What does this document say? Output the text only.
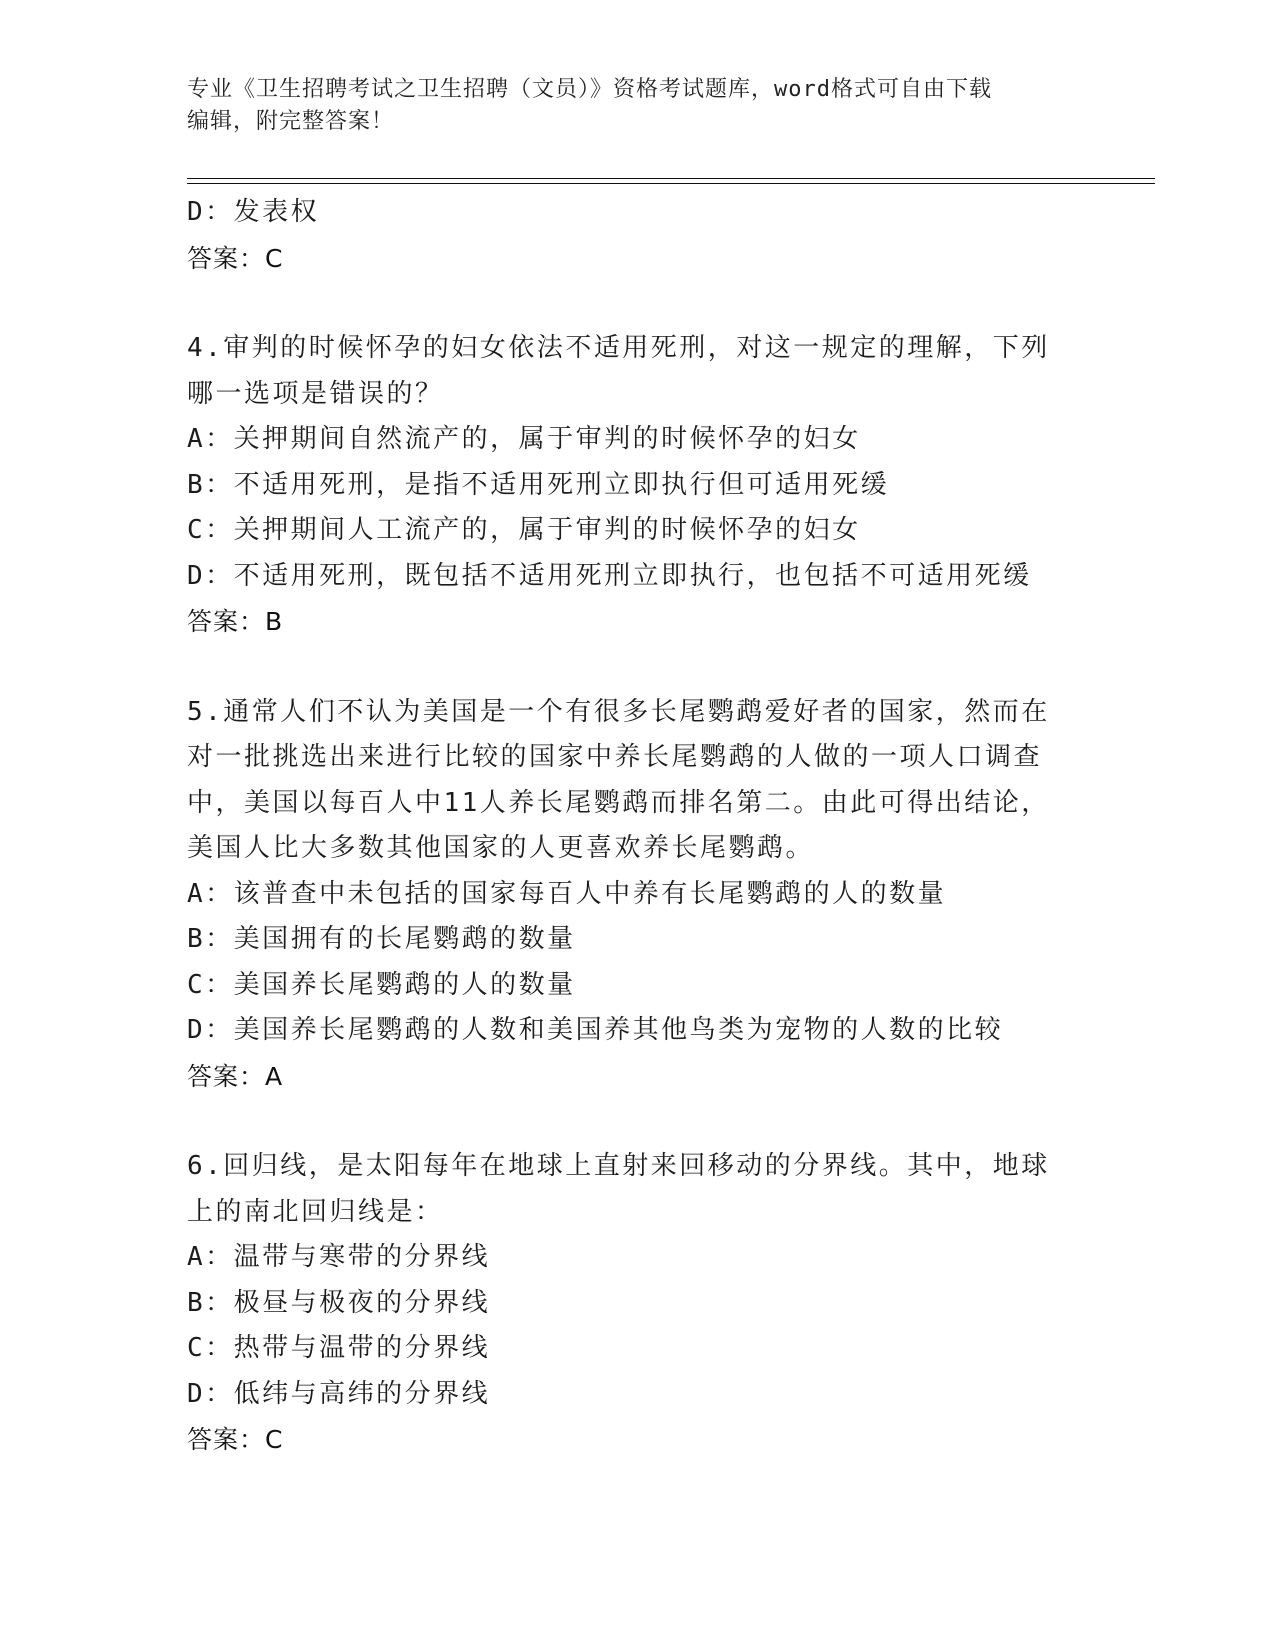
专业《卫生招聘考试之卫生招聘（文员）》资格考试题库，word格式可自由下载
编辑，附完整答案！
D：发表权
答案：C
4.审判的时候怀孕的妇女依法不适用死刑，对这一规定的理解，下列
哪一选项是错误的？
A：关押期间自然流产的，属于审判的时候怀孕的妇女
B：不适用死刑，是指不适用死刑立即执行但可适用死缓
C：关押期间人工流产的，属于审判的时候怀孕的妇女
D：不适用死刑，既包括不适用死刑立即执行，也包括不可适用死缓
答案：B
5.通常人们不认为美国是一个有很多长尾鹦鹉爱好者的国家，然而在
对一批挑选出来进行比较的国家中养长尾鹦鹉的人做的一项人口调查
中，美国以每百人中11人养长尾鹦鹉而排名第二。由此可得出结论，
美国人比大多数其他国家的人更喜欢养长尾鹦鹉。
A：该普查中未包括的国家每百人中养有长尾鹦鹉的人的数量
B：美国拥有的长尾鹦鹉的数量
C：美国养长尾鹦鹉的人的数量
D：美国养长尾鹦鹉的人数和美国养其他鸟类为宠物的人数的比较
答案：A
6.回归线，是太阳每年在地球上直射来回移动的分界线。其中，地球
上的南北回归线是：
A：温带与寒带的分界线
B：极昼与极夜的分界线
C：热带与温带的分界线
D：低纬与高纬的分界线
答案：C
